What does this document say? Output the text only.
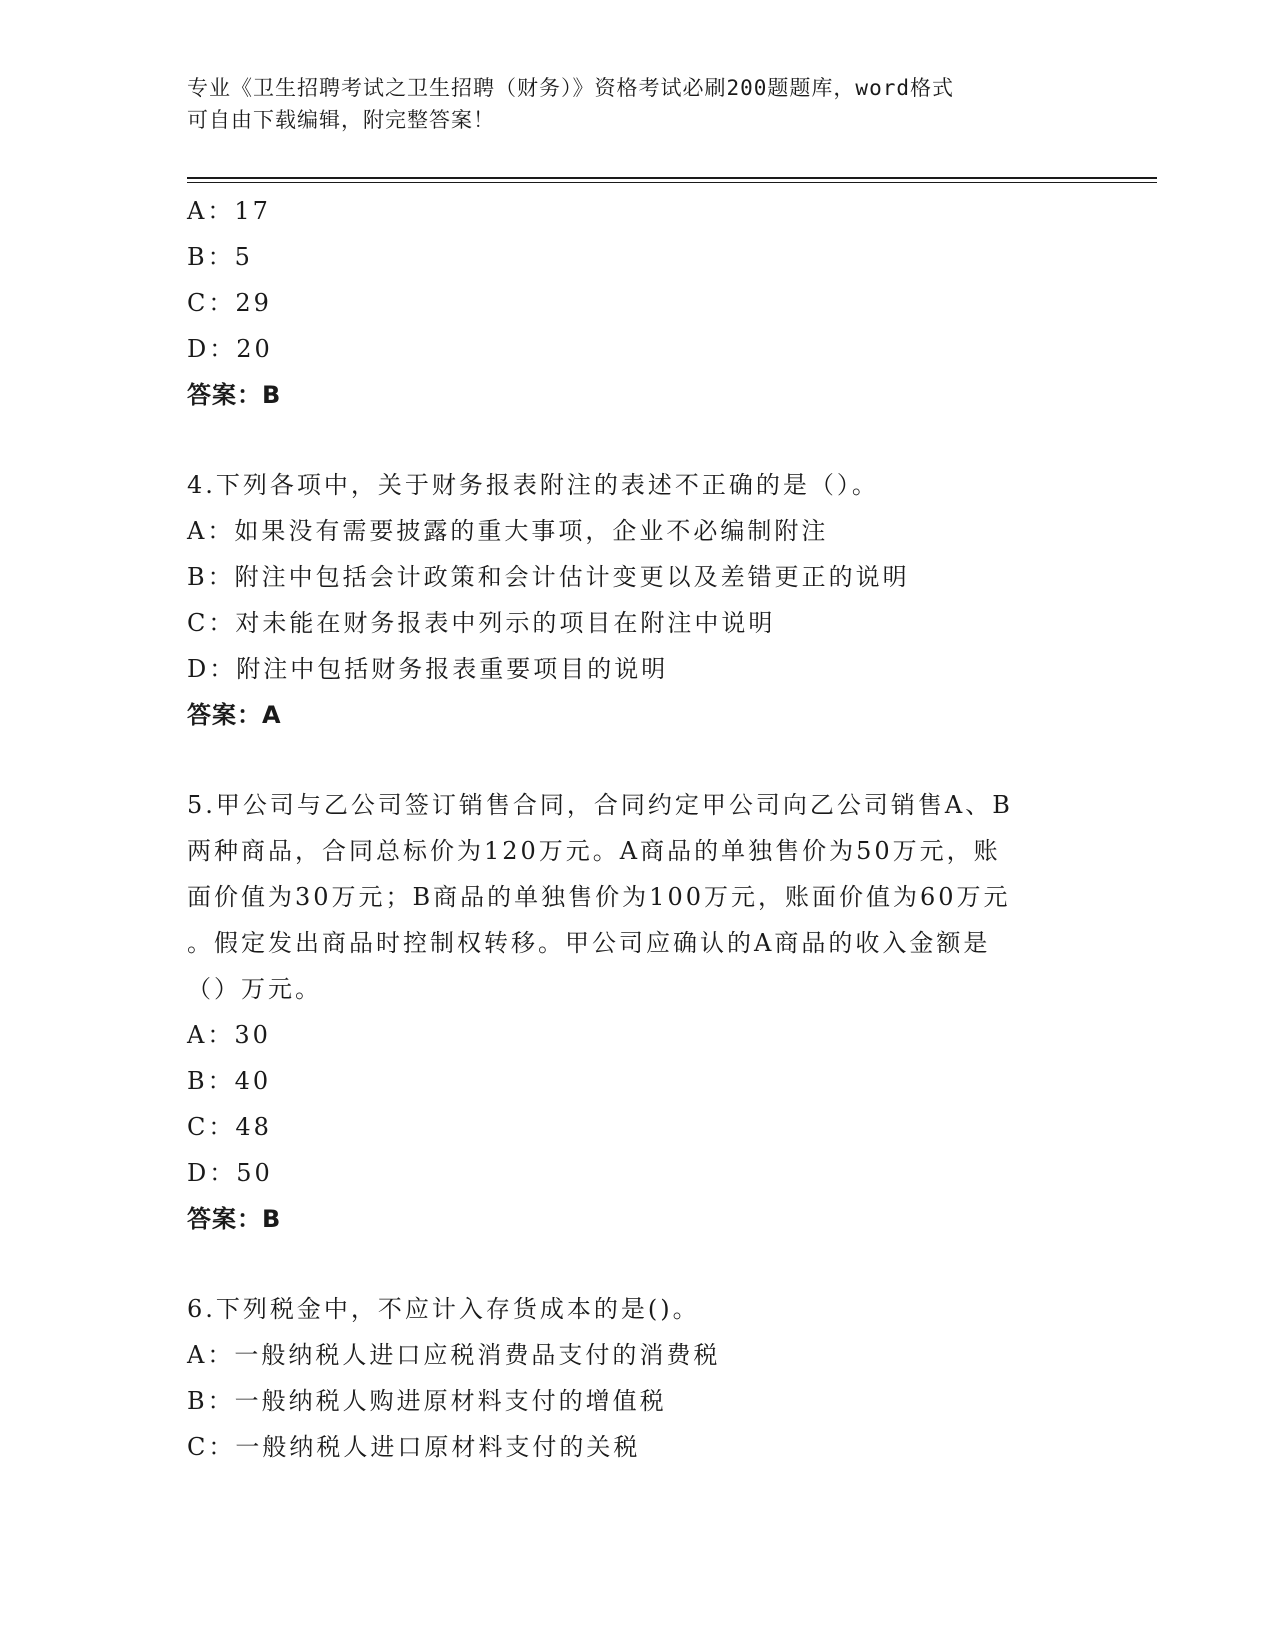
专业《卫生招聘考试之卫生招聘（财务）》资格考试必刷200题题库，word格式
可自由下载编辑，附完整答案！
A：17
B：5
C：29
D：20
答案：B
4.下列各项中，关于财务报表附注的表述不正确的是（）。
A：如果没有需要披露的重大事项，企业不必编制附注
B：附注中包括会计政策和会计估计变更以及差错更正的说明
C：对未能在财务报表中列示的项目在附注中说明
D：附注中包括财务报表重要项目的说明
答案：A
5.甲公司与乙公司签订销售合同，合同约定甲公司向乙公司销售A、B
两种商品，合同总标价为120万元。A商品的单独售价为50万元，账
面价值为30万元；B商品的单独售价为100万元，账面价值为60万元
。假定发出商品时控制权转移。甲公司应确认的A商品的收入金额是
（）万元。
A：30
B：40
C：48
D：50
答案：B
6.下列税金中，不应计入存货成本的是()。
A：一般纳税人进口应税消费品支付的消费税
B：一般纳税人购进原材料支付的增值税
C：一般纳税人进口原材料支付的关税
